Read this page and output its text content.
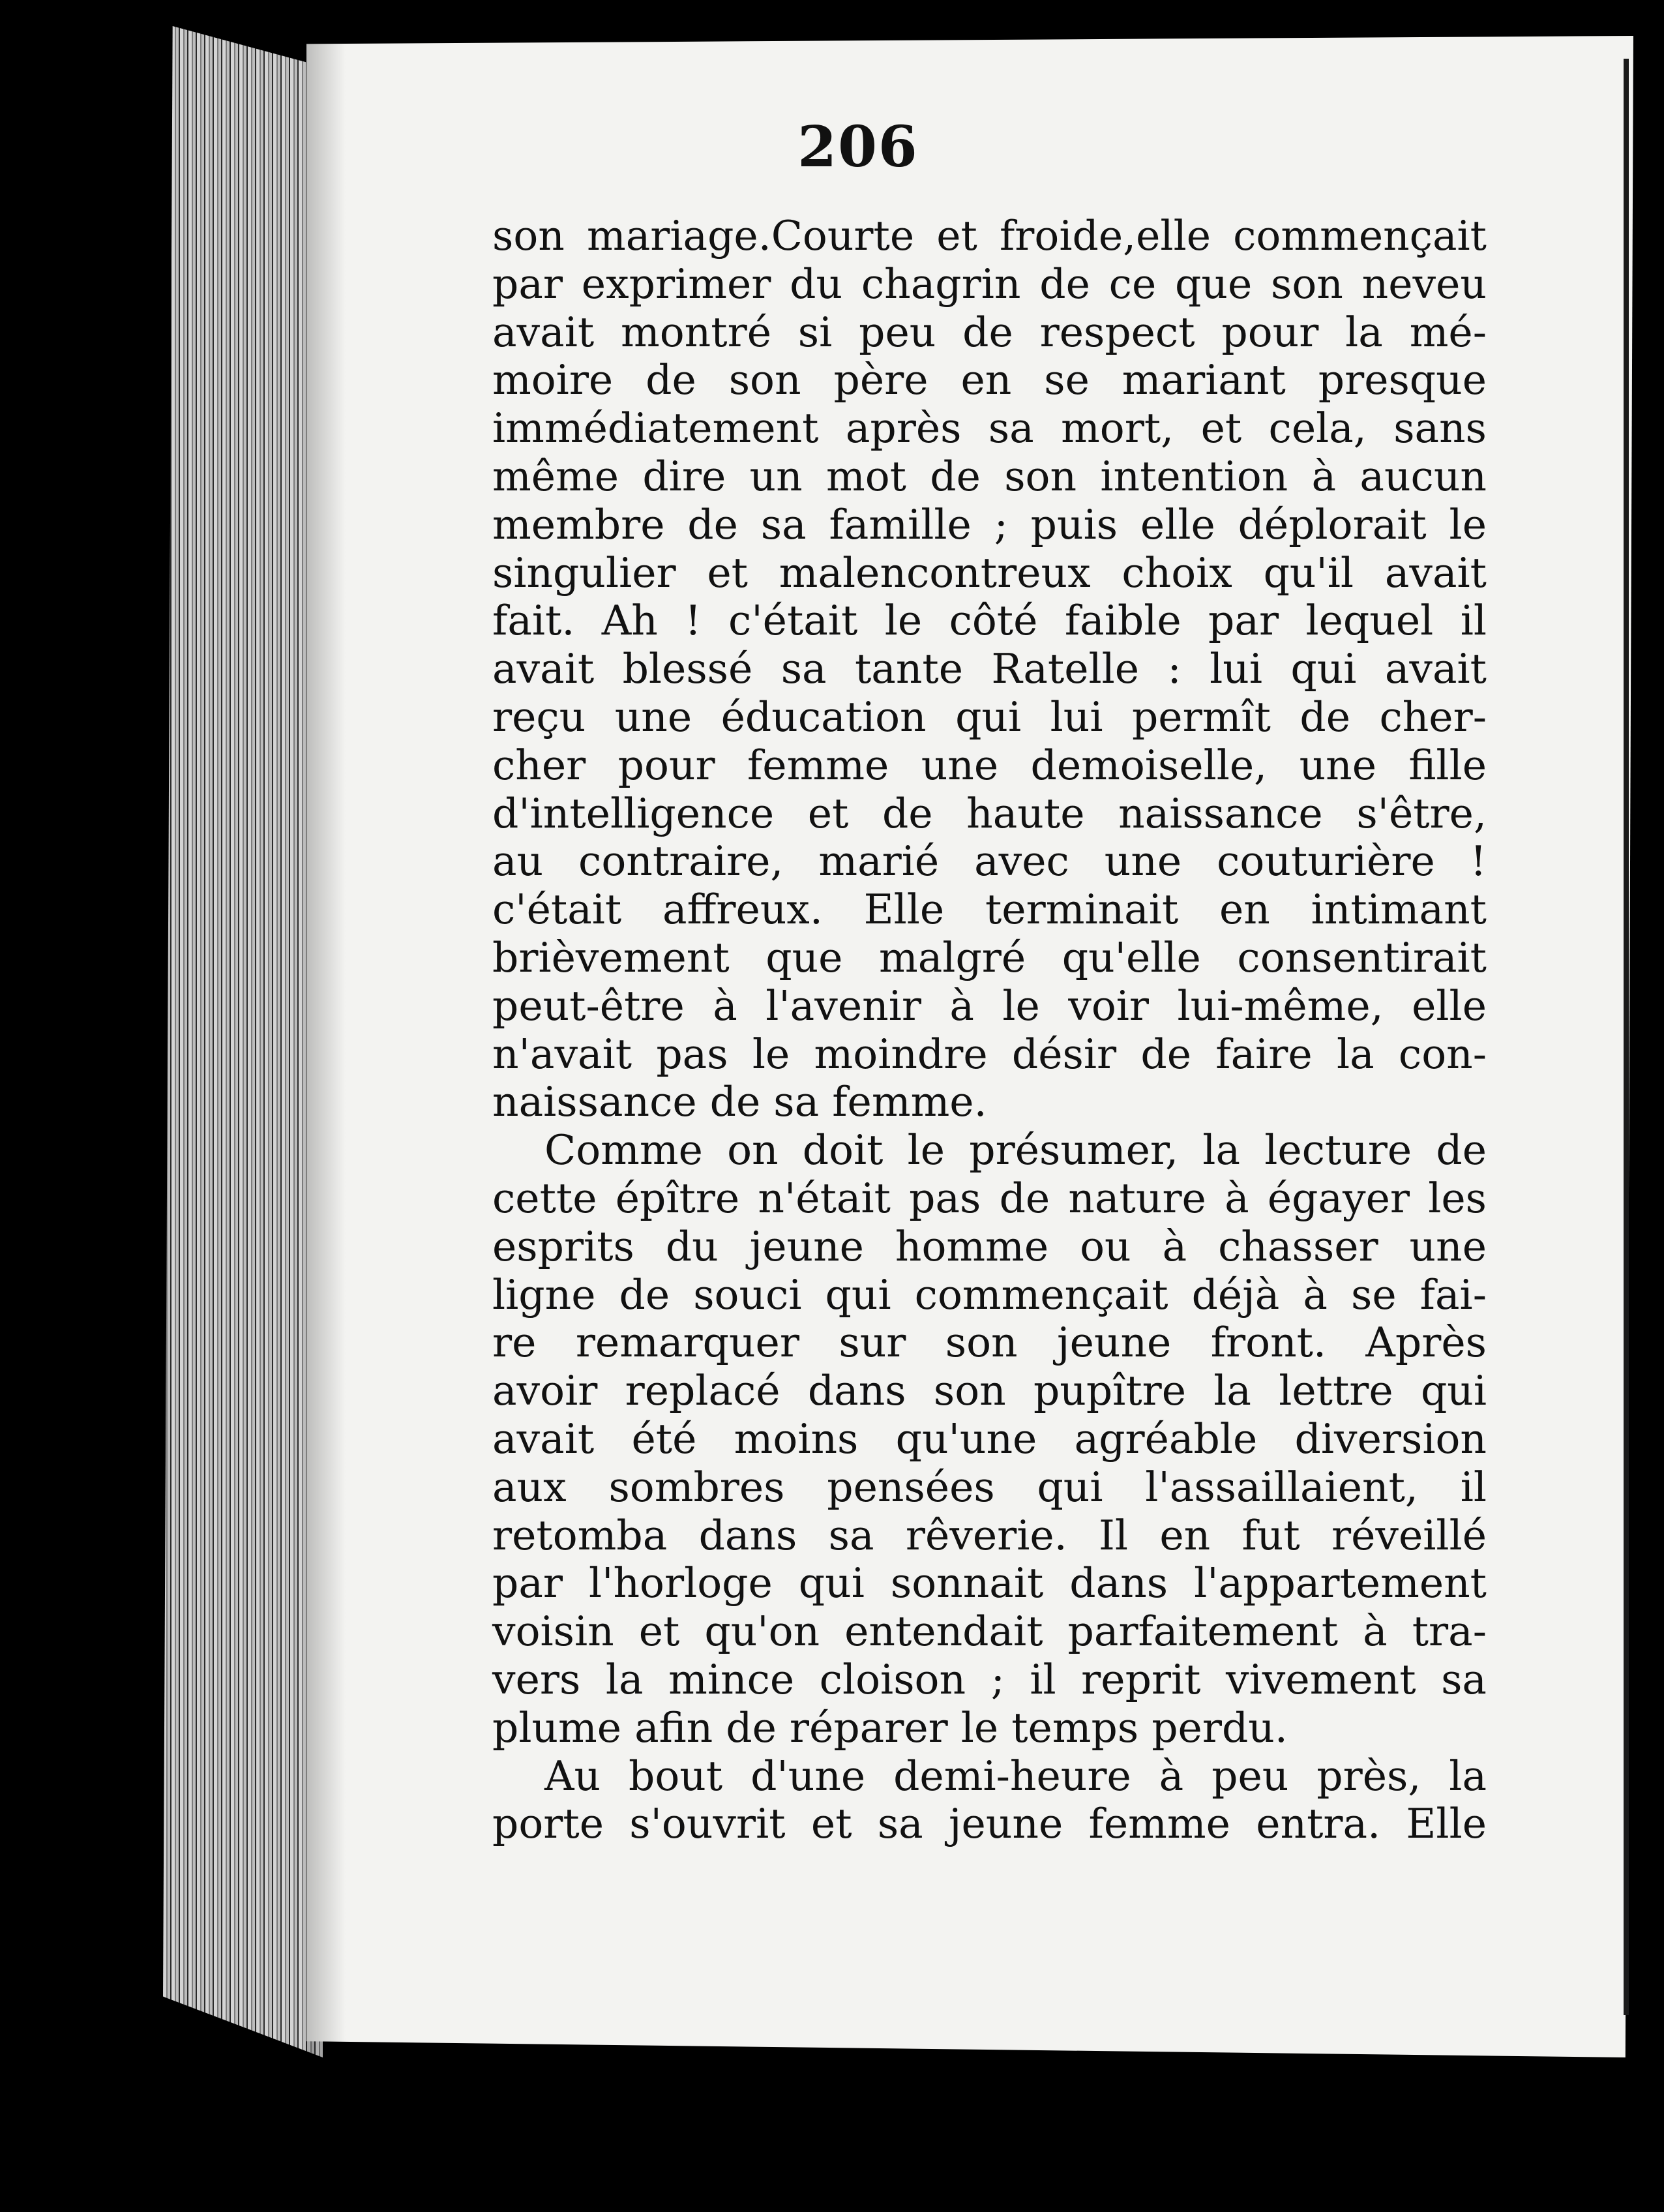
206
son mariage.Courte et froide,elle commençait
par exprimer du chagrin de ce que son neveu
avait montré si peu de respect pour la mé-
moire de son père en se mariant presque
immédiatement après sa mort, et cela, sans
même dire un mot de son intention à aucun
membre de sa famille ; puis elle déplorait le
singulier et malencontreux choix qu'il avait
fait. Ah ! c'était le côté faible par lequel il
avait blessé sa tante Ratelle : lui qui avait
reçu une éducation qui lui permît de cher-
cher pour femme une demoiselle, une fille
d'intelligence et de haute naissance s'être,
au contraire, marié avec une couturière !
c'était affreux. Elle terminait en intimant
brièvement que malgré qu'elle consentirait
peut-être à l'avenir à le voir lui-même, elle
n'avait pas le moindre désir de faire la con-
naissance de sa femme.
Comme on doit le présumer, la lecture de
cette épître n'était pas de nature à égayer les
esprits du jeune homme ou à chasser une
ligne de souci qui commençait déjà à se fai-
re remarquer sur son jeune front. Après
avoir replacé dans son pupître la lettre qui
avait été moins qu'une agréable diversion
aux sombres pensées qui l'assaillaient, il
retomba dans sa rêverie. Il en fut réveillé
par l'horloge qui sonnait dans l'appartement
voisin et qu'on entendait parfaitement à tra-
vers la mince cloison ; il reprit vivement sa
plume afin de réparer le temps perdu.
Au bout d'une demi-heure à peu près, la
porte s'ouvrit et sa jeune femme entra. Elle
